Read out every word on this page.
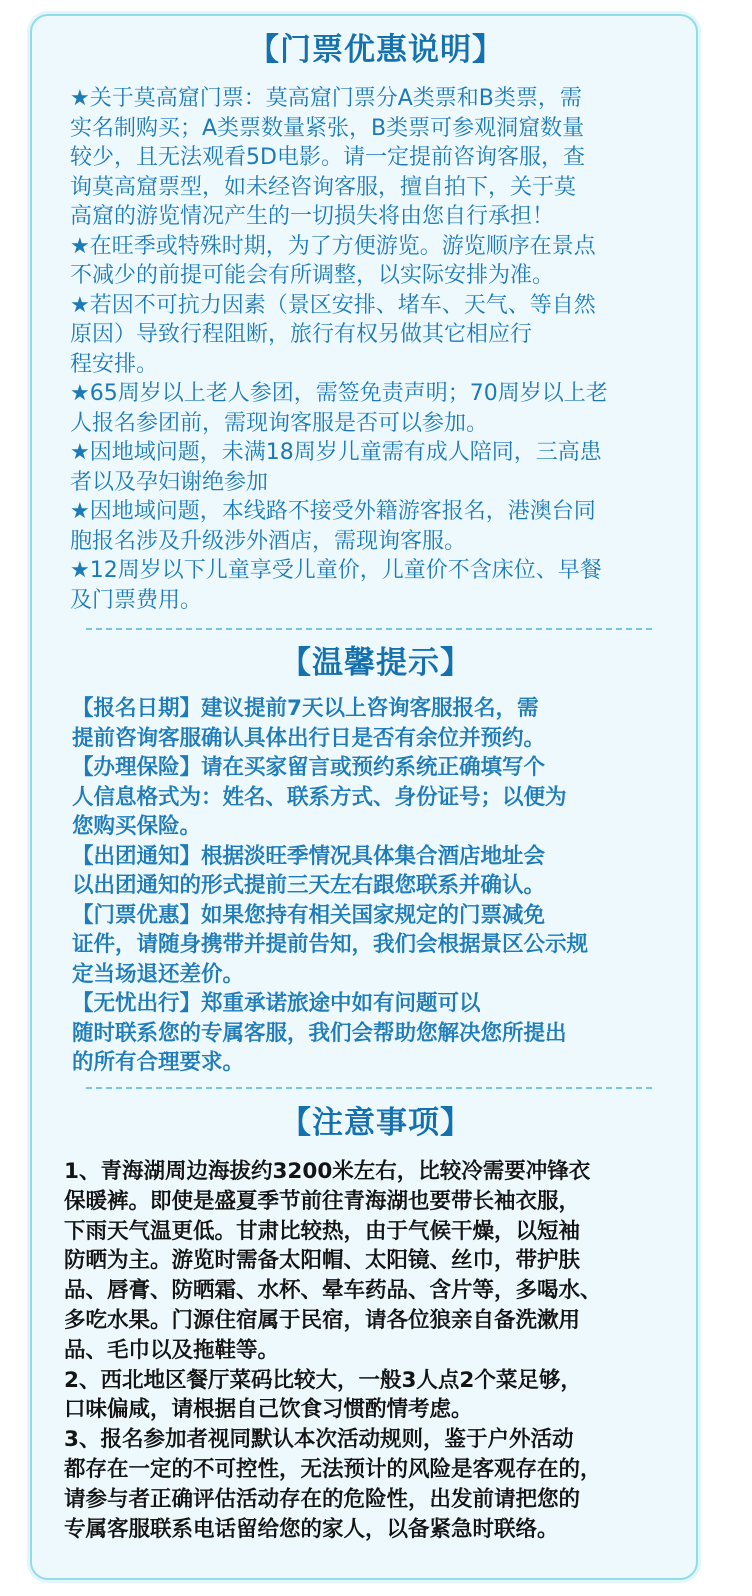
【门票优惠说明】

★关于莫高窟门票：莫高窟门票分A类票和B类票，需
实名制购买；A类票数量紧张，B类票可参观洞窟数量
较少，且无法观看5D电影。请一定提前咨询客服，查
询莫高窟票型，如未经咨询客服，擅自拍下，关于莫
高窟的游览情况产生的一切损失将由您自行承担！
★在旺季或特殊时期，为了方便游览。游览顺序在景点
不减少的前提可能会有所调整，以实际安排为准。
★若因不可抗力因素（景区安排、堵车、天气、等自然
原因）导致行程阻断，旅行有权另做其它相应行
程安排。
★65周岁以上老人参团，需签免责声明；70周岁以上老
人报名参团前，需现询客服是否可以参加。
★因地域问题，未满18周岁儿童需有成人陪同，三高患
者以及孕妇谢绝参加
★因地域问题，本线路不接受外籍游客报名，港澳台同
胞报名涉及升级涉外酒店，需现询客服。
★12周岁以下儿童享受儿童价，儿童价不含床位、早餐
及门票费用。

【温馨提示】

【报名日期】建议提前7天以上咨询客服报名，需
提前咨询客服确认具体出行日是否有余位并预约。
【办理保险】请在买家留言或预约系统正确填写个
人信息格式为：姓名、联系方式、身份证号；以便为
您购买保险。
【出团通知】根据淡旺季情况具体集合酒店地址会
以出团通知的形式提前三天左右跟您联系并确认。
【门票优惠】如果您持有相关国家规定的门票减免
证件，请随身携带并提前告知，我们会根据景区公示规
定当场退还差价。
【无忧出行】郑重承诺旅途中如有问题可以
随时联系您的专属客服，我们会帮助您解决您所提出
的所有合理要求。

【注意事项】

1、青海湖周边海拔约3200米左右，比较冷需要冲锋衣
保暖裤。即使是盛夏季节前往青海湖也要带长袖衣服，
下雨天气温更低。甘肃比较热，由于气候干燥，以短袖
防晒为主。游览时需备太阳帽、太阳镜、丝巾，带护肤
品、唇膏、防晒霜、水杯、晕车药品、含片等，多喝水、
多吃水果。门源住宿属于民宿，请各位狼亲自备洗漱用
品、毛巾以及拖鞋等。
2、西北地区餐厅菜码比较大，一般3人点2个菜足够，
口味偏咸，请根据自己饮食习惯酌情考虑。
3、报名参加者视同默认本次活动规则，鉴于户外活动
都存在一定的不可控性，无法预计的风险是客观存在的，
请参与者正确评估活动存在的危险性，出发前请把您的
专属客服联系电话留给您的家人，以备紧急时联络。
